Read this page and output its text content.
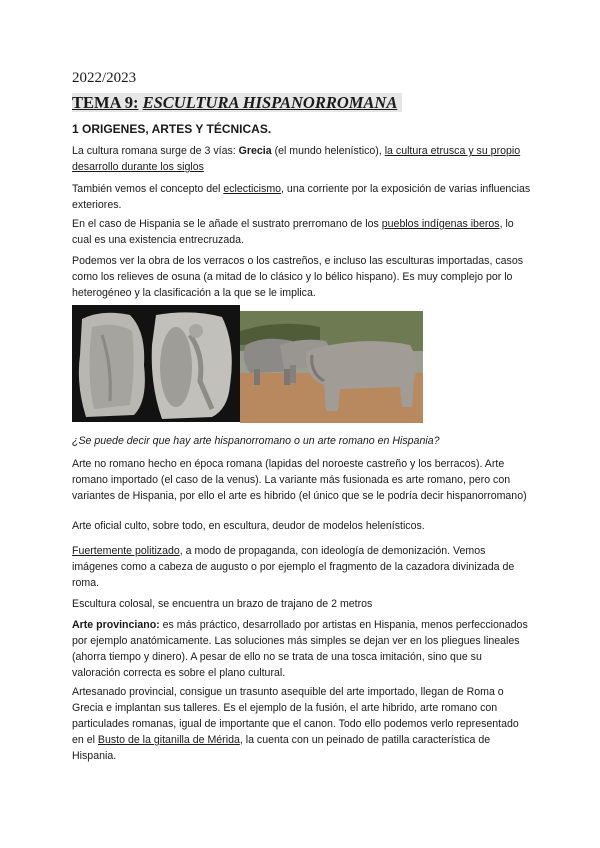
2022/2023
TEMA 9: ESCULTURA HISPANORROMANA
1 ORIGENES, ARTES Y TÉCNICAS.

La cultura romana surge de 3 vías: Grecia (el mundo helenístico), la cultura etrusca y su propio desarrollo durante los siglos

También vemos el concepto del eclecticismo, una corriente por la exposición de varias influencias exteriores.

En el caso de Hispania se le añade el sustrato prerromano de los pueblos indígenas iberos, lo cual es una existencia entrecruzada.

Podemos ver la obra de los verracos o los castreños, e incluso las esculturas importadas, casos como los relieves de osuna (a mitad de lo clásico y lo bélico hispano). Es muy complejo por lo heterogéneo y la clasificación a la que se le implica.

¿Se puede decir que hay arte hispanorromano o un arte romano en Hispania?

Arte no romano hecho en época romana (lapidas del noroeste castreño y los berracos). Arte romano importado (el caso de la venus). La variante más fusionada es arte romano, pero con variantes de Hispania, por ello el arte es hibrido (el único que se le podría decir hispanorromano)

Arte oficial culto, sobre todo, en escultura, deudor de modelos helenísticos.

Fuertemente politizado, a modo de propaganda, con ideología de demonización. Vemos imágenes como a cabeza de augusto o por ejemplo el fragmento de la cazadora divinizada de roma.

Escultura colosal, se encuentra un brazo de trajano de 2 metros

Arte provinciano: es más práctico, desarrollado por artistas en Hispania, menos perfeccionados por ejemplo anatómicamente. Las soluciones más simples se dejan ver en los pliegues lineales (ahorra tiempo y dinero). A pesar de ello no se trata de una tosca imitación, sino que su valoración correcta es sobre el plano cultural.

Artesanado provincial, consigue un trasunto asequible del arte importado, llegan de Roma o Grecia e implantan sus talleres. Es el ejemplo de la fusión, el arte hibrido, arte romano con particulades romanas, igual de importante que el canon. Todo ello podemos verlo representado en el Busto de la gitanilla de Mérida, la cuenta con un peinado de patilla característica de Hispania.
